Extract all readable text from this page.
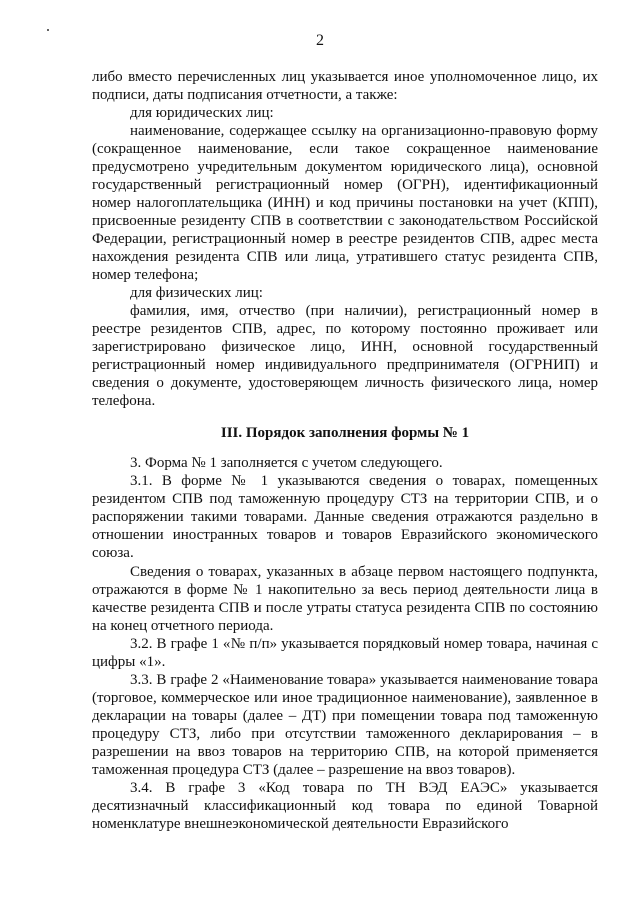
2

либо вместо перечисленных лиц указывается иное уполномоченное лицо, их подписи, даты подписания отчетности, а также:

для юридических лиц:

наименование, содержащее ссылку на организационно-правовую форму (сокращенное наименование, если такое сокращенное наименование предусмотрено учредительным документом юридического лица), основной государственный регистрационный номер (ОГРН), идентификационный номер налогоплательщика (ИНН) и код причины постановки на учет (КПП), присвоенные резиденту СПВ в соответствии с законодательством Российской Федерации, регистрационный номер в реестре резидентов СПВ, адрес места нахождения резидента СПВ или лица, утратившего статус резидента СПВ, номер телефона;

для физических лиц:

фамилия, имя, отчество (при наличии), регистрационный номер в реестре резидентов СПВ, адрес, по которому постоянно проживает или зарегистрировано физическое лицо, ИНН, основной государственный регистрационный номер индивидуального предпринимателя (ОГРНИП) и сведения о документе, удостоверяющем личность физического лица, номер телефона.

III. Порядок заполнения формы № 1

3. Форма № 1 заполняется с учетом следующего.

3.1. В форме № 1 указываются сведения о товарах, помещенных резидентом СПВ под таможенную процедуру СТЗ на территории СПВ, и о распоряжении такими товарами. Данные сведения отражаются раздельно в отношении иностранных товаров и товаров Евразийского экономического союза.

Сведения о товарах, указанных в абзаце первом настоящего подпункта, отражаются в форме № 1 накопительно за весь период деятельности лица в качестве резидента СПВ и после утраты статуса резидента СПВ по состоянию на конец отчетного периода.

3.2. В графе 1 «№ п/п» указывается порядковый номер товара, начиная с цифры «1».

3.3. В графе 2 «Наименование товара» указывается наименование товара (торговое, коммерческое или иное традиционное наименование), заявленное в декларации на товары (далее – ДТ) при помещении товара под таможенную процедуру СТЗ, либо при отсутствии таможенного декларирования – в разрешении на ввоз товаров на территорию СПВ, на которой применяется таможенная процедура СТЗ (далее – разрешение на ввоз товаров).

3.4. В графе 3 «Код товара по ТН ВЭД ЕАЭС» указывается десятизначный классификационный код товара по единой Товарной номенклатуре внешнеэкономической деятельности Евразийского
